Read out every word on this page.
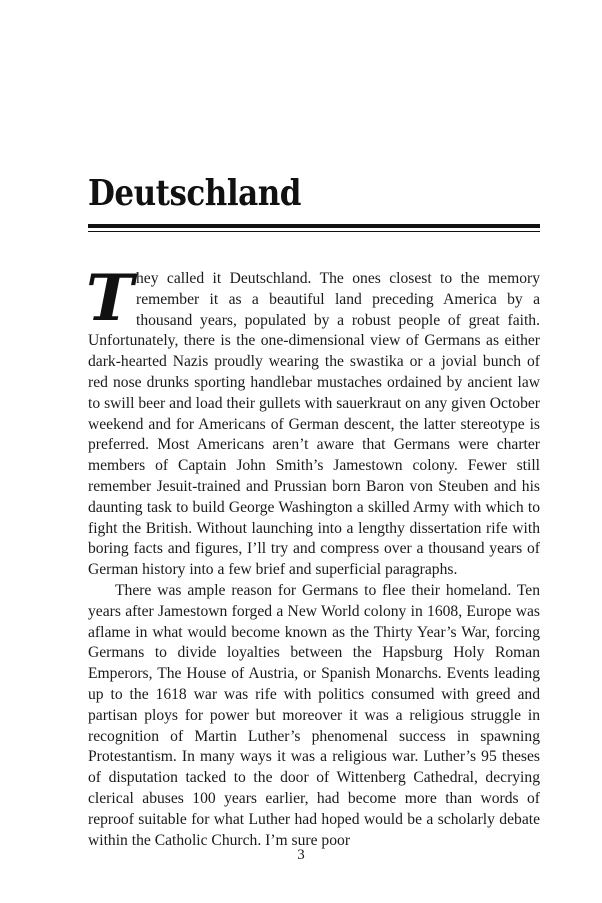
Deutschland

They called it Deutschland. The ones closest to the memory remember it as a beautiful land preceding America by a thousand years, populated by a robust people of great faith. Unfortunately, there is the one-dimensional view of Germans as either dark-hearted Nazis proudly wearing the swastika or a jovial bunch of red nose drunks sporting handlebar mustaches ordained by ancient law to swill beer and load their gullets with sauerkraut on any given October weekend and for Americans of German descent, the latter stereotype is preferred. Most Americans aren’t aware that Germans were charter members of Captain John Smith’s Jamestown colony. Fewer still remember Jesuit-trained and Prussian born Baron von Steuben and his daunting task to build George Washington a skilled Army with which to fight the British. Without launching into a lengthy dissertation rife with boring facts and figures, I’ll try and compress over a thousand years of German history into a few brief and superficial paragraphs.

There was ample reason for Germans to flee their homeland. Ten years after Jamestown forged a New World colony in 1608, Europe was aflame in what would become known as the Thirty Year’s War, forcing Germans to divide loyalties between the Hapsburg Holy Roman Emperors, The House of Austria, or Spanish Monarchs. Events leading up to the 1618 war was rife with politics consumed with greed and partisan ploys for power but moreover it was a religious struggle in recognition of Martin Luther’s phenomenal success in spawning Protestantism. In many ways it was a religious war. Luther’s 95 theses of disputation tacked to the door of Wittenberg Cathedral, decrying clerical abuses 100 years earlier, had become more than words of reproof suitable for what Luther had hoped would be a scholarly debate within the Catholic Church. I’m sure poor

3
